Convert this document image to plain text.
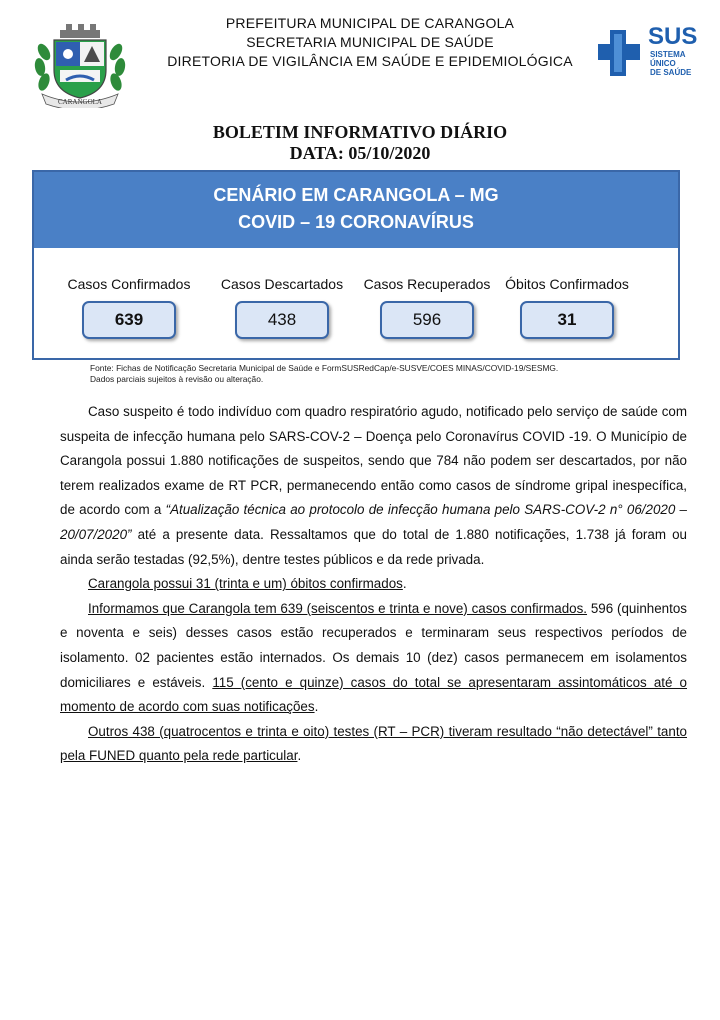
CARANGOLA
PREFEITURA MUNICIPAL DE CARANGOLA
SECRETARIA MUNICIPAL DE SAÚDE
DIRETORIA DE VIGILÂNCIA EM SAÚDE E EPIDEMIOLÓGICA
SUS
SISTEMA
ÚNICO
DE SAÚDE
BOLETIM INFORMATIVO DIÁRIO
DATA: 05/10/2020
CENÁRIO EM CARANGOLA – MG
COVID – 19 CORONAVÍRUS
Casos Confirmados
639
Casos Descartados
438
Casos Recuperados
596
Óbitos Confirmados
31
Fonte: Fichas de Notificação Secretaria Municipal de Saúde e FormSUSRedCap/e-SUSVE/COES MINAS/COVID-19/SESMG.
Dados parciais sujeitos à revisão ou alteração.

Caso suspeito é todo indivíduo com quadro respiratório agudo, notificado pelo serviço de saúde com suspeita de infecção humana pelo SARS-COV-2 – Doença pelo Coronavírus COVID -19. O Município de Carangola possui 1.880 notificações de suspeitos, sendo que 784 não podem ser descartados, por não terem realizados exame de RT PCR, permanecendo então como casos de síndrome gripal inespecífica, de acordo com a “Atualização técnica ao protocolo de infecção humana pelo SARS-COV-2 n° 06/2020 – 20/07/2020” até a presente data. Ressaltamos que do total de 1.880 notificações, 1.738 já foram ou ainda serão testadas (92,5%), dentre testes públicos e da rede privada.

Carangola possui 31 (trinta e um) óbitos confirmados.

Informamos que Carangola tem 639 (seiscentos e trinta e nove) casos confirmados. 596 (quinhentos e noventa e seis) desses casos estão recuperados e terminaram seus respectivos períodos de isolamento. 02 pacientes estão internados. Os demais 10 (dez) casos permanecem em isolamentos domiciliares e estáveis. 115 (cento e quinze) casos do total se apresentaram assintomáticos até o momento de acordo com suas notificações.

Outros 438 (quatrocentos e trinta e oito) testes (RT – PCR) tiveram resultado “não detectável” tanto pela FUNED quanto pela rede particular.
